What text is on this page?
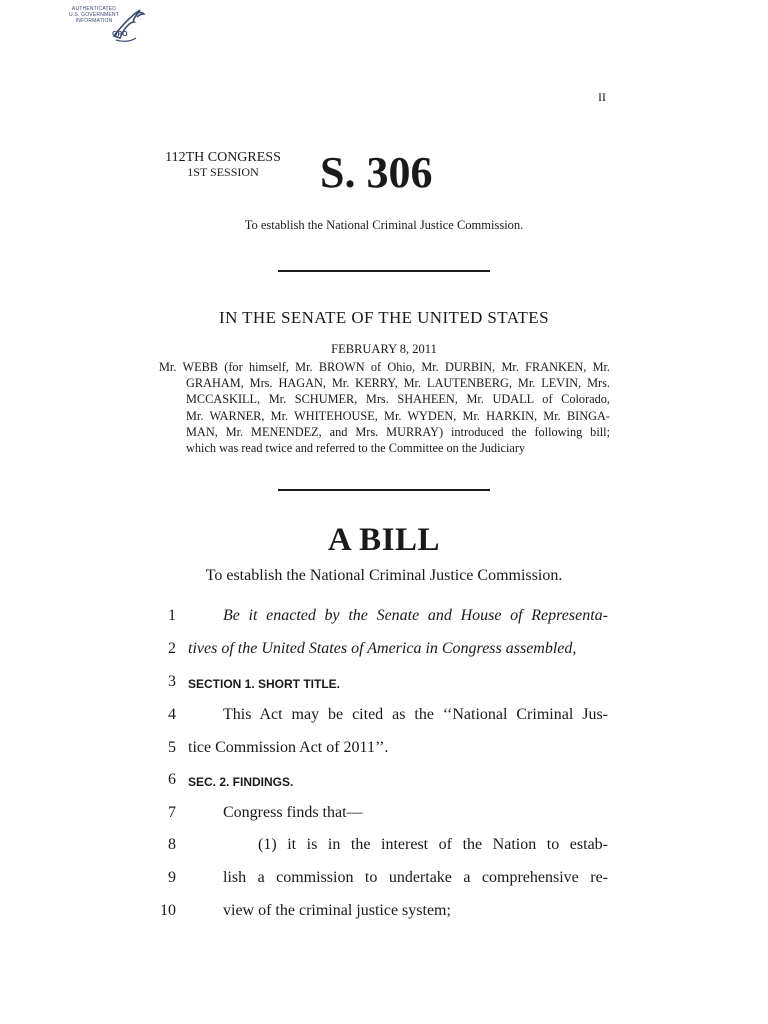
AUTHENTICATED
U.S. GOVERNMENT
INFORMATION
GPO
II
112TH CONGRESS
1ST SESSION	S. 306
To establish the National Criminal Justice Commission.
IN THE SENATE OF THE UNITED STATES
FEBRUARY 8, 2011

Mr. WEBB (for himself, Mr. BROWN of Ohio, Mr. DURBIN, Mr. FRANKEN, Mr.

GRAHAM, Mrs. HAGAN, Mr. KERRY, Mr. LAUTENBERG, Mr. LEVIN, Mrs.

MCCASKILL, Mr. SCHUMER, Mrs. SHAHEEN, Mr. UDALL of Colorado,

Mr. WARNER, Mr. WHITEHOUSE, Mr. WYDEN, Mr. HARKIN, Mr. BINGA-

MAN, Mr. MENENDEZ, and Mrs. MURRAY) introduced the following bill;

which was read twice and referred to the Committee on the Judiciary

A BILL
To establish the National Criminal Justice Commission.
1	Be it enacted by the Senate and House of Representa-
2 tives of the United States of America in Congress assembled,
3 SECTION 1. SHORT TITLE.
4	This Act may be cited as the ‘‘National Criminal Jus-
5 tice Commission Act of 2011’’.
6 SEC. 2. FINDINGS.
7	Congress finds that—
8	(1) it is in the interest of the Nation to estab-
9	lish a commission to undertake a comprehensive re-
10	view of the criminal justice system;
